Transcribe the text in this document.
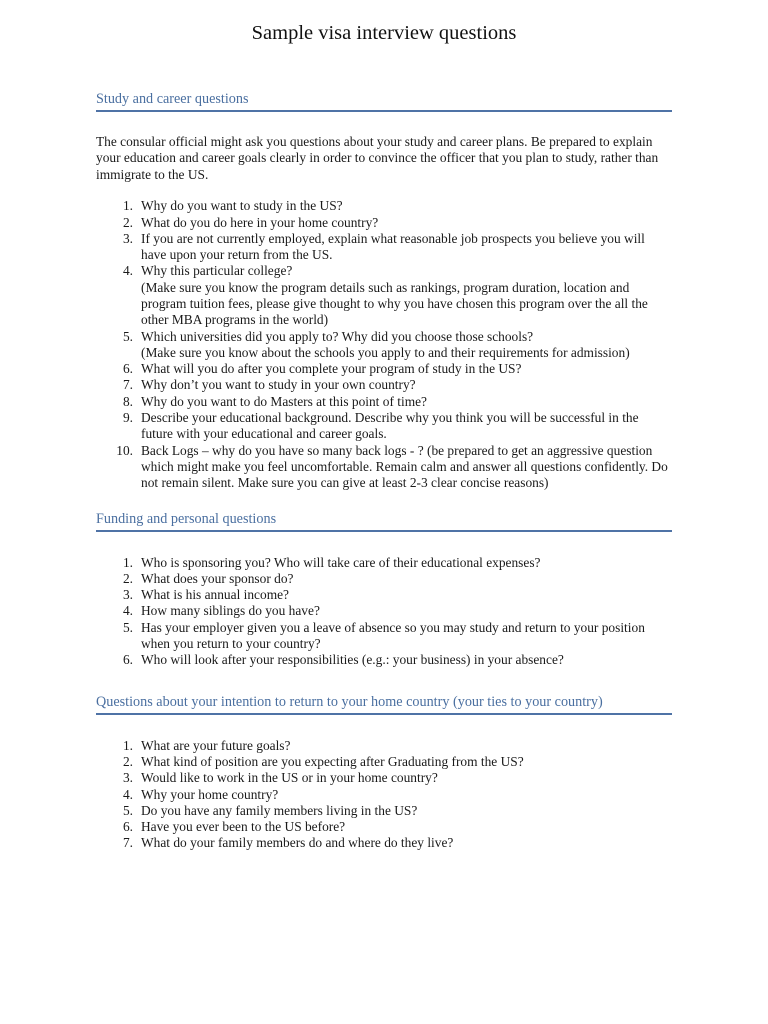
Sample visa interview questions
Study and career questions

The consular official might ask you questions about your study and career plans. Be prepared to explain your education and career goals clearly in order to convince the officer that you plan to study, rather than immigrate to the US.

1. Why do you want to study in the US?
2. What do you do here in your home country?
3. If you are not currently employed, explain what reasonable job prospects you believe you will have upon your return from the US.
4. Why this particular college?
(Make sure you know the program details such as rankings, program duration, location and program tuition fees, please give thought to why you have chosen this program over the all the other MBA programs in the world)
5. Which universities did you apply to? Why did you choose those schools?
(Make sure you know about the schools you apply to and their requirements for admission)
6. What will you do after you complete your program of study in the US?
7. Why don’t you want to study in your own country?
8. Why do you want to do Masters at this point of time?
9. Describe your educational background. Describe why you think you will be successful in the future with your educational and career goals.
10. Back Logs – why do you have so many back logs - ? (be prepared to get an aggressive question which might make you feel uncomfortable. Remain calm and answer all questions confidently. Do not remain silent. Make sure you can give at least 2-3 clear concise reasons)
Funding and personal questions
1. Who is sponsoring you? Who will take care of their educational expenses?
2. What does your sponsor do?
3. What is his annual income?
4. How many siblings do you have?
5. Has your employer given you a leave of absence so you may study and return to your position when you return to your country?
6. Who will look after your responsibilities (e.g.: your business) in your absence?
Questions about your intention to return to your home country (your ties to your country)
1. What are your future goals?
2. What kind of position are you expecting after Graduating from the US?
3. Would like to work in the US or in your home country?
4. Why your home country?
5. Do you have any family members living in the US?
6. Have you ever been to the US before?
7. What do your family members do and where do they live?
